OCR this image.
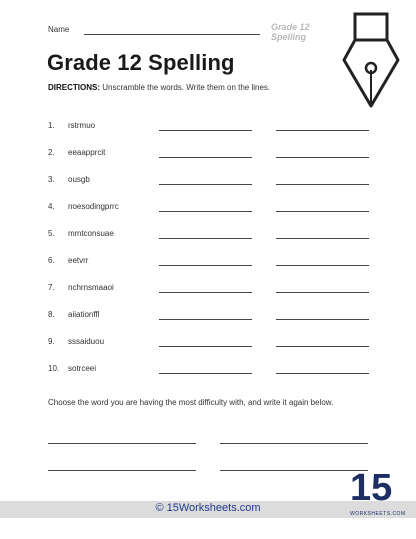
Name	Grade 12 Spelling
Grade 12 Spelling
DIRECTIONS: Unscramble the words. Write them on the lines.
1. rstrmuo
2. eeaapprcit
3. ousgb
4. noesodingprrc
5. mmtconsuae
6. eetvrr
7. nchrnsmaaoi
8. aiiationffl
9. sssaiduou
10. sotrceei
Choose the word you are having the most difficulty with, and write it again below.
© 15Worksheets.com	15
WORKSHEETS.COM
